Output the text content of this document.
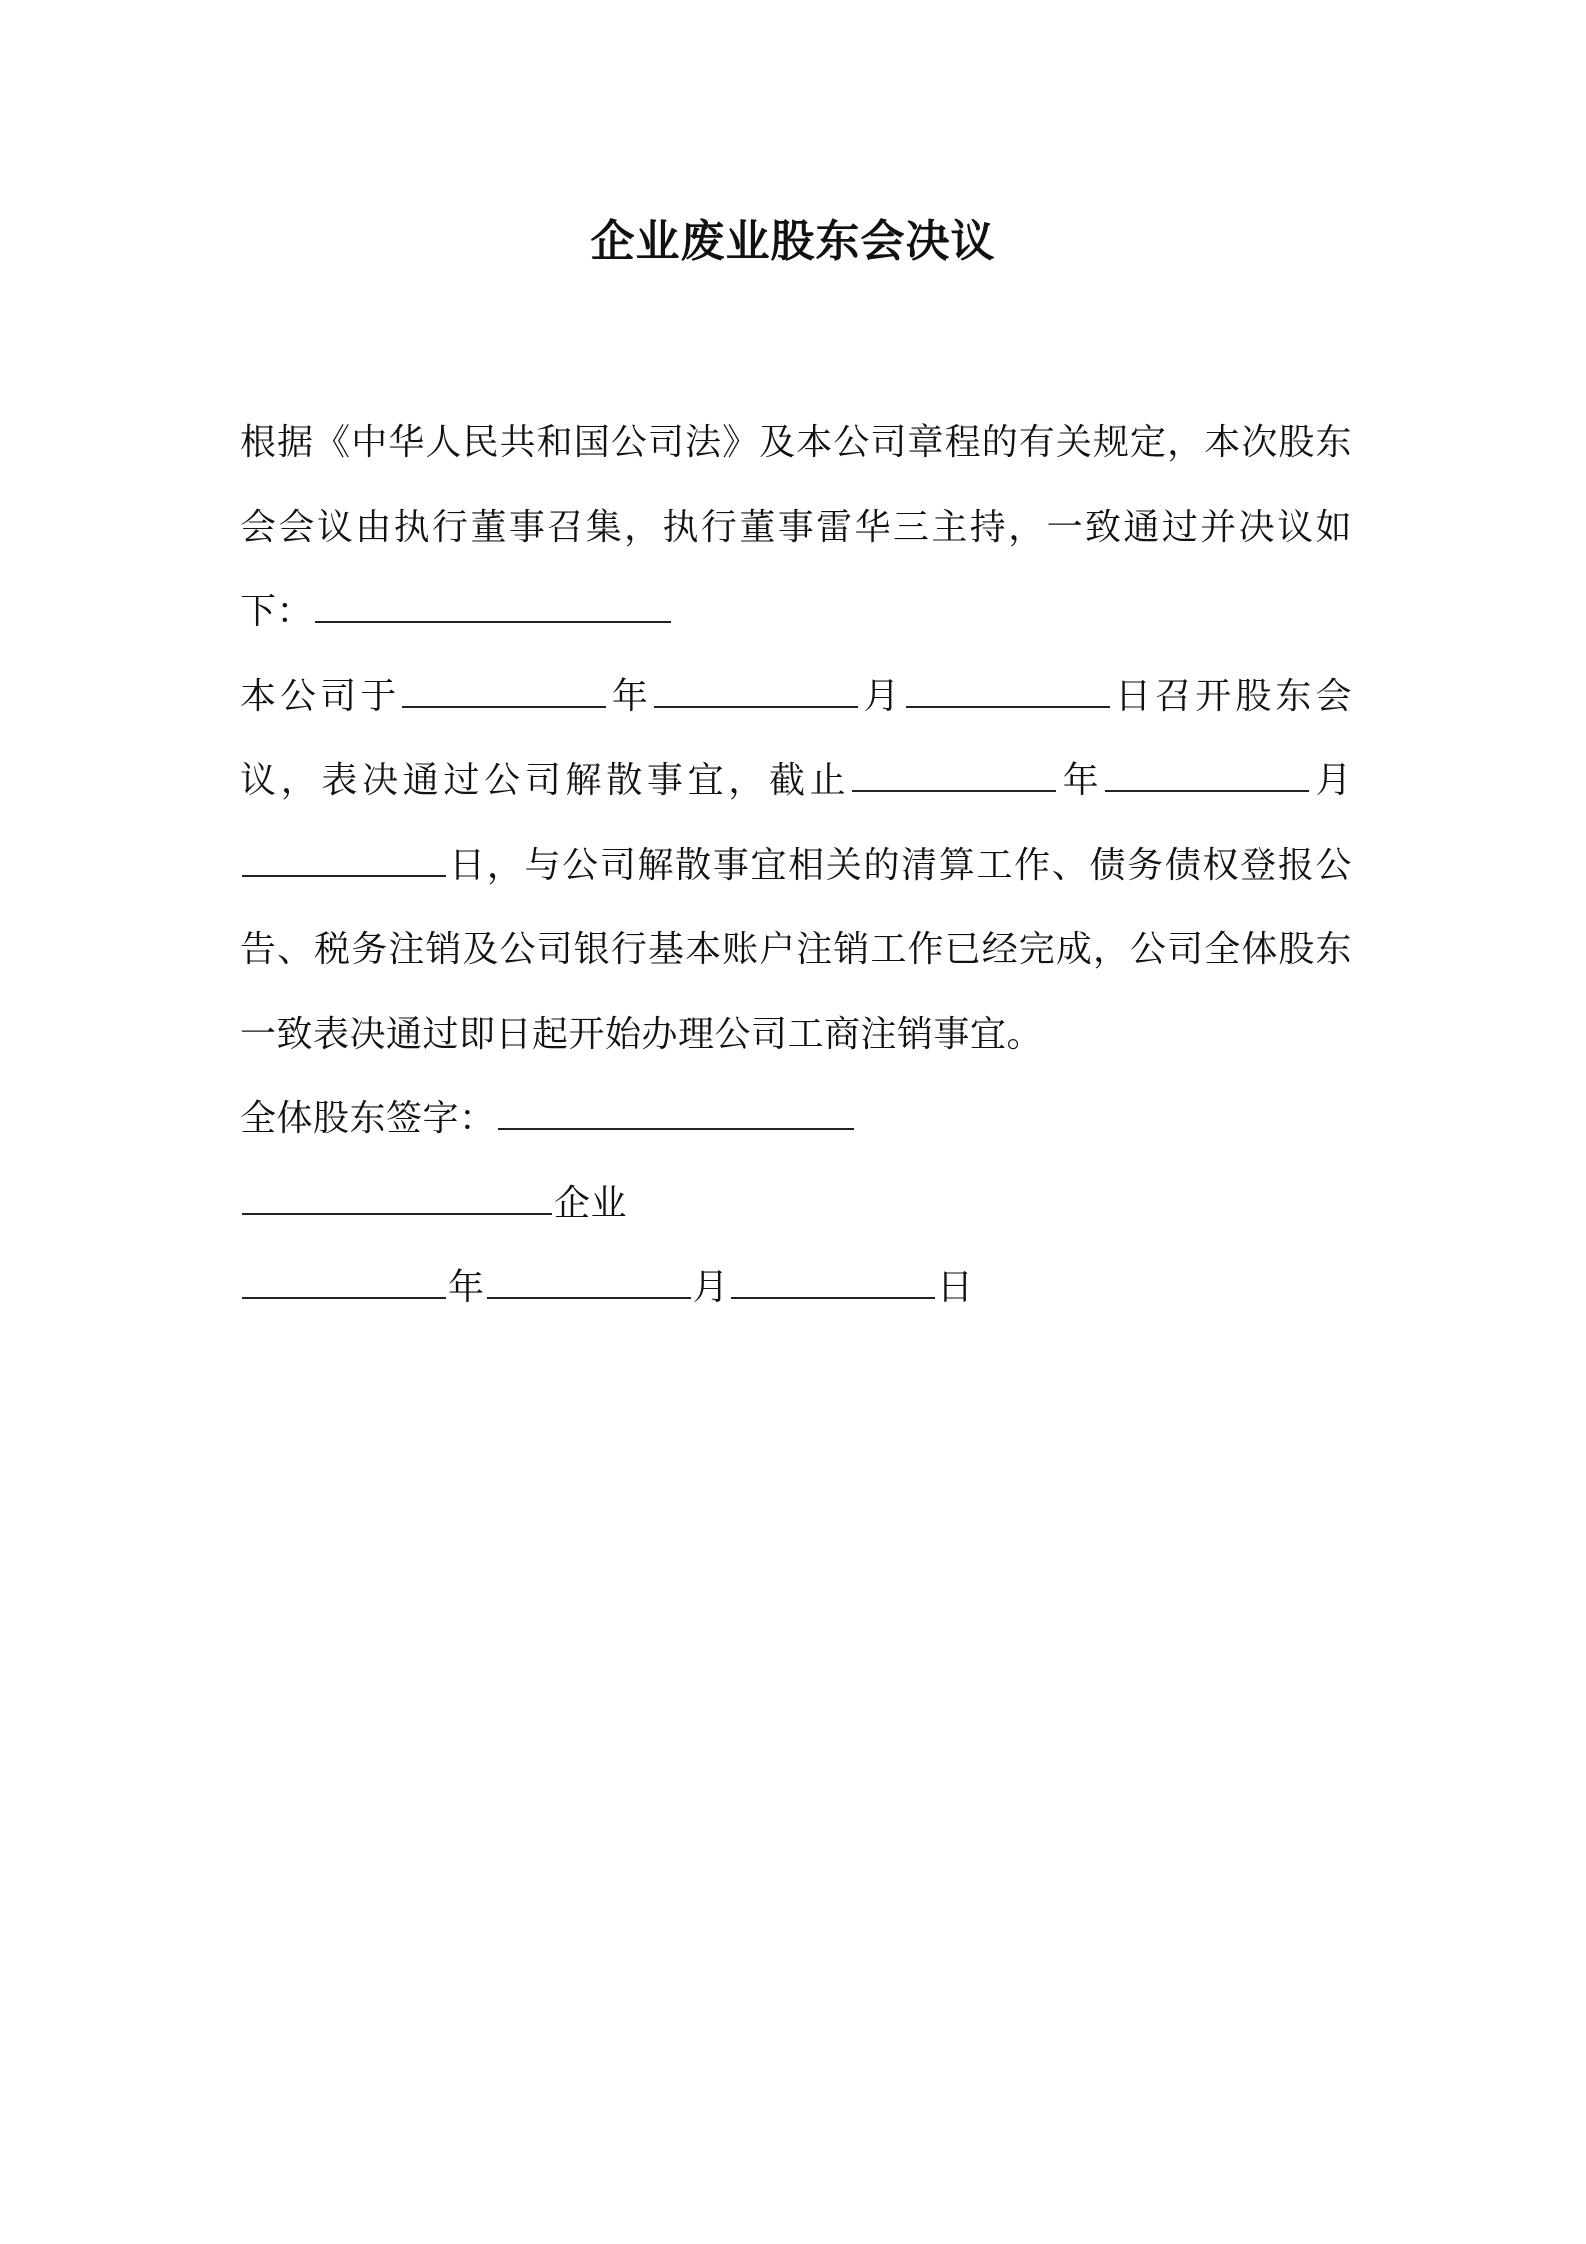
企业废业股东会决议

根据《中华人民共和国公司法》及本公司章程的有关规定，本次股东会会议由执行董事召集，执行董事雷华三主持，一致通过并决议如下：

本公司于	年	月	日召开股东会议，表决通过公司解散事宜，截止	年	月日，与公司解散事宜相关的清算工作、债务债权登报公告、税务注销及公司银行基本账户注销工作已经完成，公司全体股东一致表决通过即日起开始办理公司工商注销事宜。

全体股东签字：

企业

年	月	日
